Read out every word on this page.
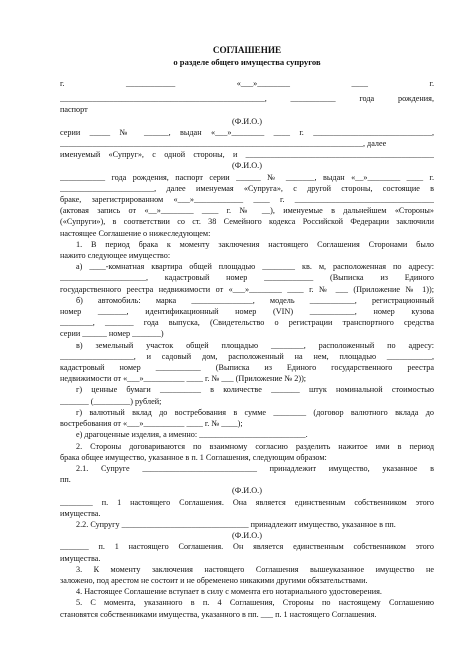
СОГЛАШЕНИЕ
о разделе общего имущества супругов
г. ____________ «___»________ ____ г.
__________________________________________________, ___________ года рождения,
паспорт
(Ф.И.О.)
серии _____ № ______, выдан «___»________ ____ г. _____________________________,
__________________________________________________________________________, далее
именуемый «Супруг», с одной стороны, и ______________________________________________
(Ф.И.О.)
___________ года рождения, паспорт серии ______ № _______, выдан «__»________ ____ г.
_______________________, далее именуемая «Супруга», с другой стороны, состоящие в
браке, зарегистрированном «___»____________ ____ г. __________________________________
(актовая запись от «__»________ ____ г. № __), именуемые в дальнейшем «Стороны»
(«Супруги»), в соответствии со ст. 38 Семейного кодекса Российской Федерации заключили
настоящее Соглашение о нижеследующем:
1. В период брака к моменту заключения настоящего Соглашения Сторонами было
нажито следующее имущество:
а) ____-комнатная квартира общей площадью ________ кв. м, расположенная по адресу:
_____________________, кадастровый номер ____________ (Выписка из Единого
государственного реестра недвижимости от «___»________ ____ г. № ___ (Приложение № 1));
б) автомобиль: марка _______________, модель ___________, регистрационный
номер _______, идентификационный номер (VIN) ___________, номер кузова
________, _______ года выпуска, (Свидетельство о регистрации транспортного средства
серии ______ номер _______)
в) земельный участок общей площадью ________, расположенный по адресу:
__________________, и садовый дом, расположенный на нем, площадью ___________,
кадастровый номер ___________ (Выписка из Единого государственного реестра
недвижимости от «___»__________ ____ г. № ___ (Приложение № 2));
г) ценные бумаги __________ в количестве _______ штук номинальной стоимостью
_______ (_________) рублей;
г) валютный вклад до востребования в сумме ________ (договор валютного вклада до
востребования от «___»__________ ____ г. № ____);
е) драгоценные изделия, а именно: __________________________.
2. Стороны договариваются по взаимному согласию разделить нажитое ими в период
брака общее имущество, указанное в п. 1 Соглашения, следующим образом:
2.1. Супруге ____________________________ принадлежит имущество, указанное в
пп.
(Ф.И.О.)
________ п. 1 настоящего Соглашения. Она является единственным собственником этого
имущества.
2.2. Супругу _______________________________ принадлежит имущество, указанное в пп.
(Ф.И.О.)
_______ п. 1 настоящего Соглашения. Он является единственным собственником этого
имущества.
3. К моменту заключения настоящего Соглашения вышеуказанное имущество не
заложено, под арестом не состоит и не обременено никакими другими обязательствами.
4. Настоящее Соглашение вступает в силу с момента его нотариального удостоверения.
5. С момента, указанного в п. 4 Соглашения, Стороны по настоящему Соглашению
становятся собственниками имущества, указанного в пп. ___ п. 1 настоящего Соглашения.
